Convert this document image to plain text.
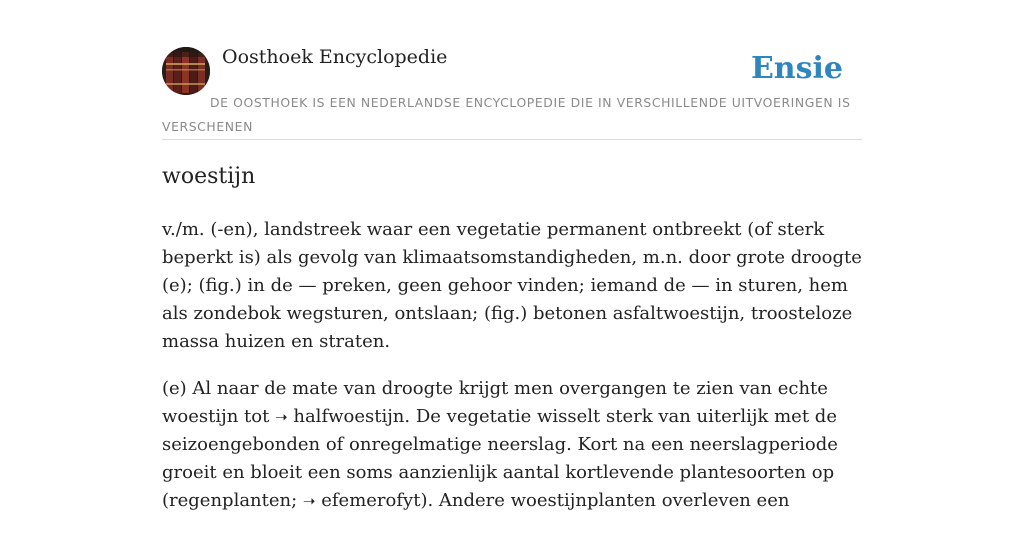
Oosthoek Encyclopedie	Ensie
DE OOSTHOEK IS EEN NEDERLANDSE ENCYCLOPEDIE DIE IN VERSCHILLENDE UITVOERINGEN IS VERSCHENEN
woestijn

v./m. (-en), landstreek waar een vegetatie permanent ontbreekt (of sterk beperkt is) als gevolg van klimaatsomstandigheden, m.n. door grote droogte (e); (fig.) in de — preken, geen gehoor vinden; iemand de — in sturen, hem als zondebok wegsturen, ontslaan; (fig.) betonen asfaltwoestijn, troosteloze massa huizen en straten.

(e) Al naar de mate van droogte krijgt men overgangen te zien van echte woestijn tot ➝ halfwoestijn. De vegetatie wisselt sterk van uiterlijk met de seizoengebonden of onregelmatige neerslag. Kort na een neerslagperiode groeit en bloeit een soms aanzienlijk aantal kortlevende plantesoorten op (regenplanten; ➝ efemerofyt). Andere woestijnplanten overleven een
